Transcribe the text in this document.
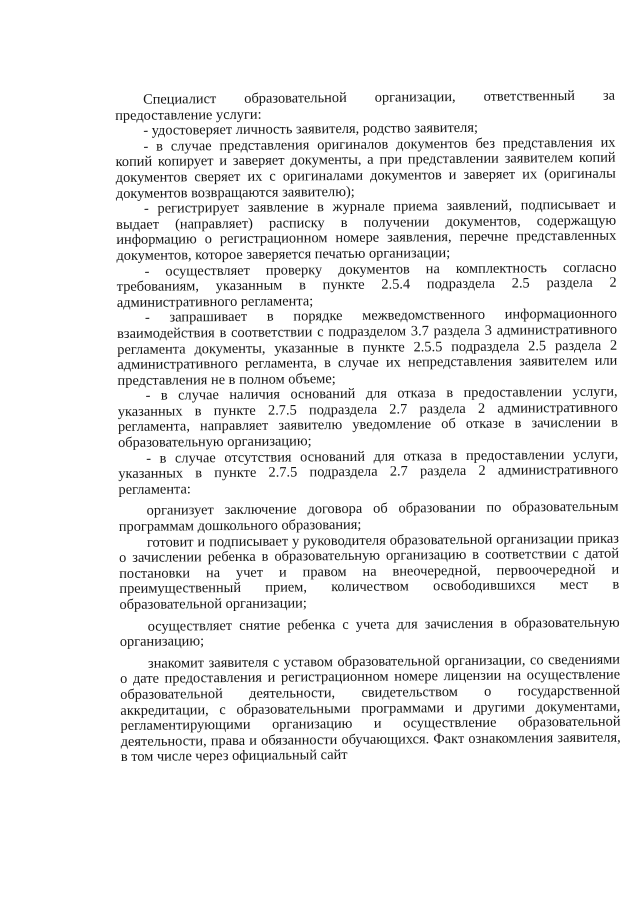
Специалист образовательной организации, ответственный за предоставление услуги:

- удостоверяет личность заявителя, родство заявителя;

- в случае представления оригиналов документов без представления их копий копирует и заверяет документы, а при представлении заявителем копий документов сверяет их с оригиналами документов и заверяет их (оригиналы документов возвращаются заявителю);

- регистрирует заявление в журнале приема заявлений, подписывает и выдает (направляет) расписку в получении документов, содержащую информацию о регистрационном номере заявления, перечне представленных документов, которое заверяется печатью организации;

- осуществляет проверку документов на комплектность согласно требованиям, указанным в пункте 2.5.4 подраздела 2.5 раздела 2 административного регламента;

- запрашивает в порядке межведомственного информационного взаимодействия в соответствии с подразделом 3.7 раздела 3 административного регламента документы, указанные в пункте 2.5.5 подраздела 2.5 раздела 2 административного регламента, в случае их непредставления заявителем или представления не в полном объеме;

- в случае наличия оснований для отказа в предоставлении услуги, указанных в пункте 2.7.5 подраздела 2.7 раздела 2 административного регламента, направляет заявителю уведомление об отказе в зачислении в образовательную организацию;

- в случае отсутствия оснований для отказа в предоставлении услуги, указанных в пункте 2.7.5 подраздела 2.7 раздела 2 административного регламента:

организует заключение договора об образовании по образовательным программам дошкольного образования;

готовит и подписывает у руководителя образовательной организации приказ о зачислении ребенка в образовательную организацию в соответствии с датой постановки на учет и правом на внеочередной, первоочередной и преимущественный прием, количеством освободившихся мест в образовательной организации;

осуществляет снятие ребенка с учета для зачисления в образовательную организацию;

знакомит заявителя с уставом образовательной организации, со сведениями о дате предоставления и регистрационном номере лицензии на осуществление образовательной деятельности, свидетельством о государственной аккредитации, с образовательными программами и другими документами, регламентирующими организацию и осуществление образовательной деятельности, права и обязанности обучающихся. Факт ознакомления заявителя, в том числе через официальный сайт
